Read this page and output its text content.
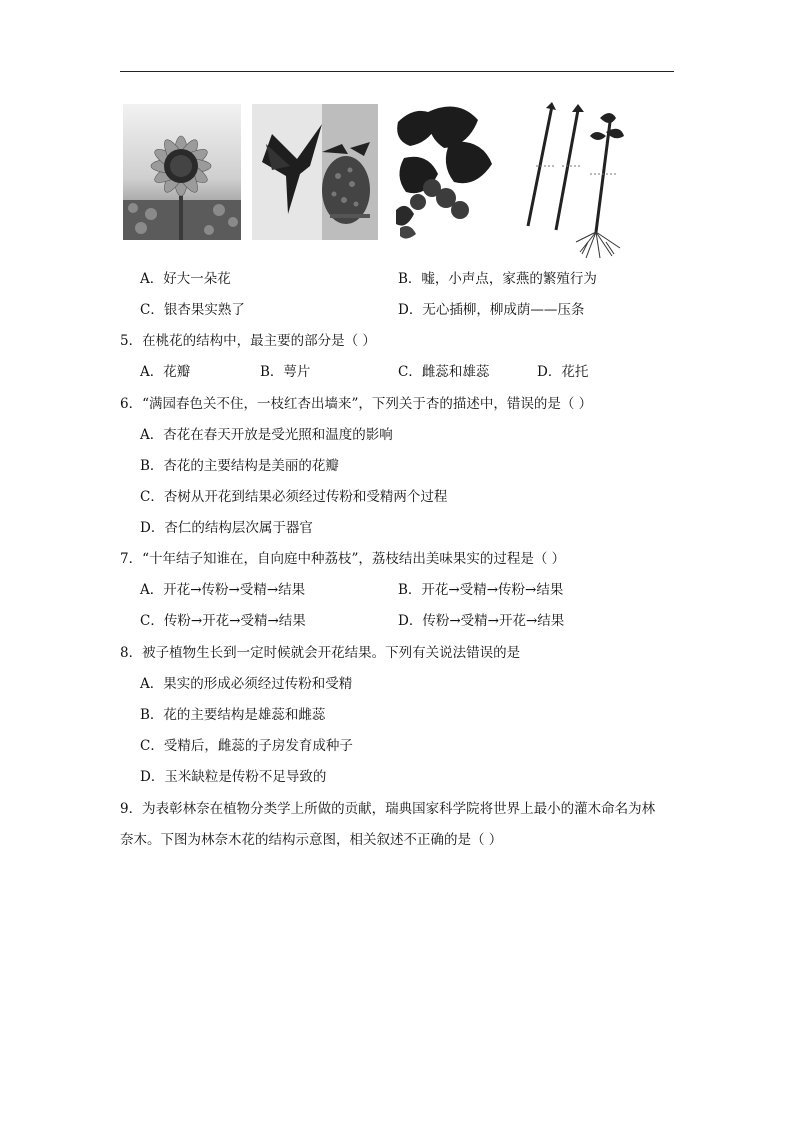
A．好大一朵花	B．嘘，小声点，家燕的繁殖行为
C．银杏果实熟了	D．无心插柳，柳成荫——压条
5．在桃花的结构中，最主要的部分是（ ）
A．花瓣	B．萼片	C．雌蕊和雄蕊	D．花托
6．“满园春色关不住，一枝红杏出墙来”，下列关于杏的描述中，错误的是（ ）
A．杏花在春天开放是受光照和温度的影响
B．杏花的主要结构是美丽的花瓣
C．杏树从开花到结果必须经过传粉和受精两个过程
D．杏仁的结构层次属于器官
7．“十年结子知谁在，自向庭中种荔枝”，荔枝结出美味果实的过程是（ ）
A．开花→传粉→受精→结果	B．开花→受精→传粉→结果
C．传粉→开花→受精→结果	D．传粉→受精→开花→结果
8．被子植物生长到一定时候就会开花结果。下列有关说法错误的是
A．果实的形成必须经过传粉和受精
B．花的主要结构是雄蕊和雌蕊
C．受精后，雌蕊的子房发育成种子
D．玉米缺粒是传粉不足导致的
9．为表彰林奈在植物分类学上所做的贡献，瑞典国家科学院将世界上最小的灌木命名为林
奈木。下图为林奈木花的结构示意图，相关叙述不正确的是（ ）
